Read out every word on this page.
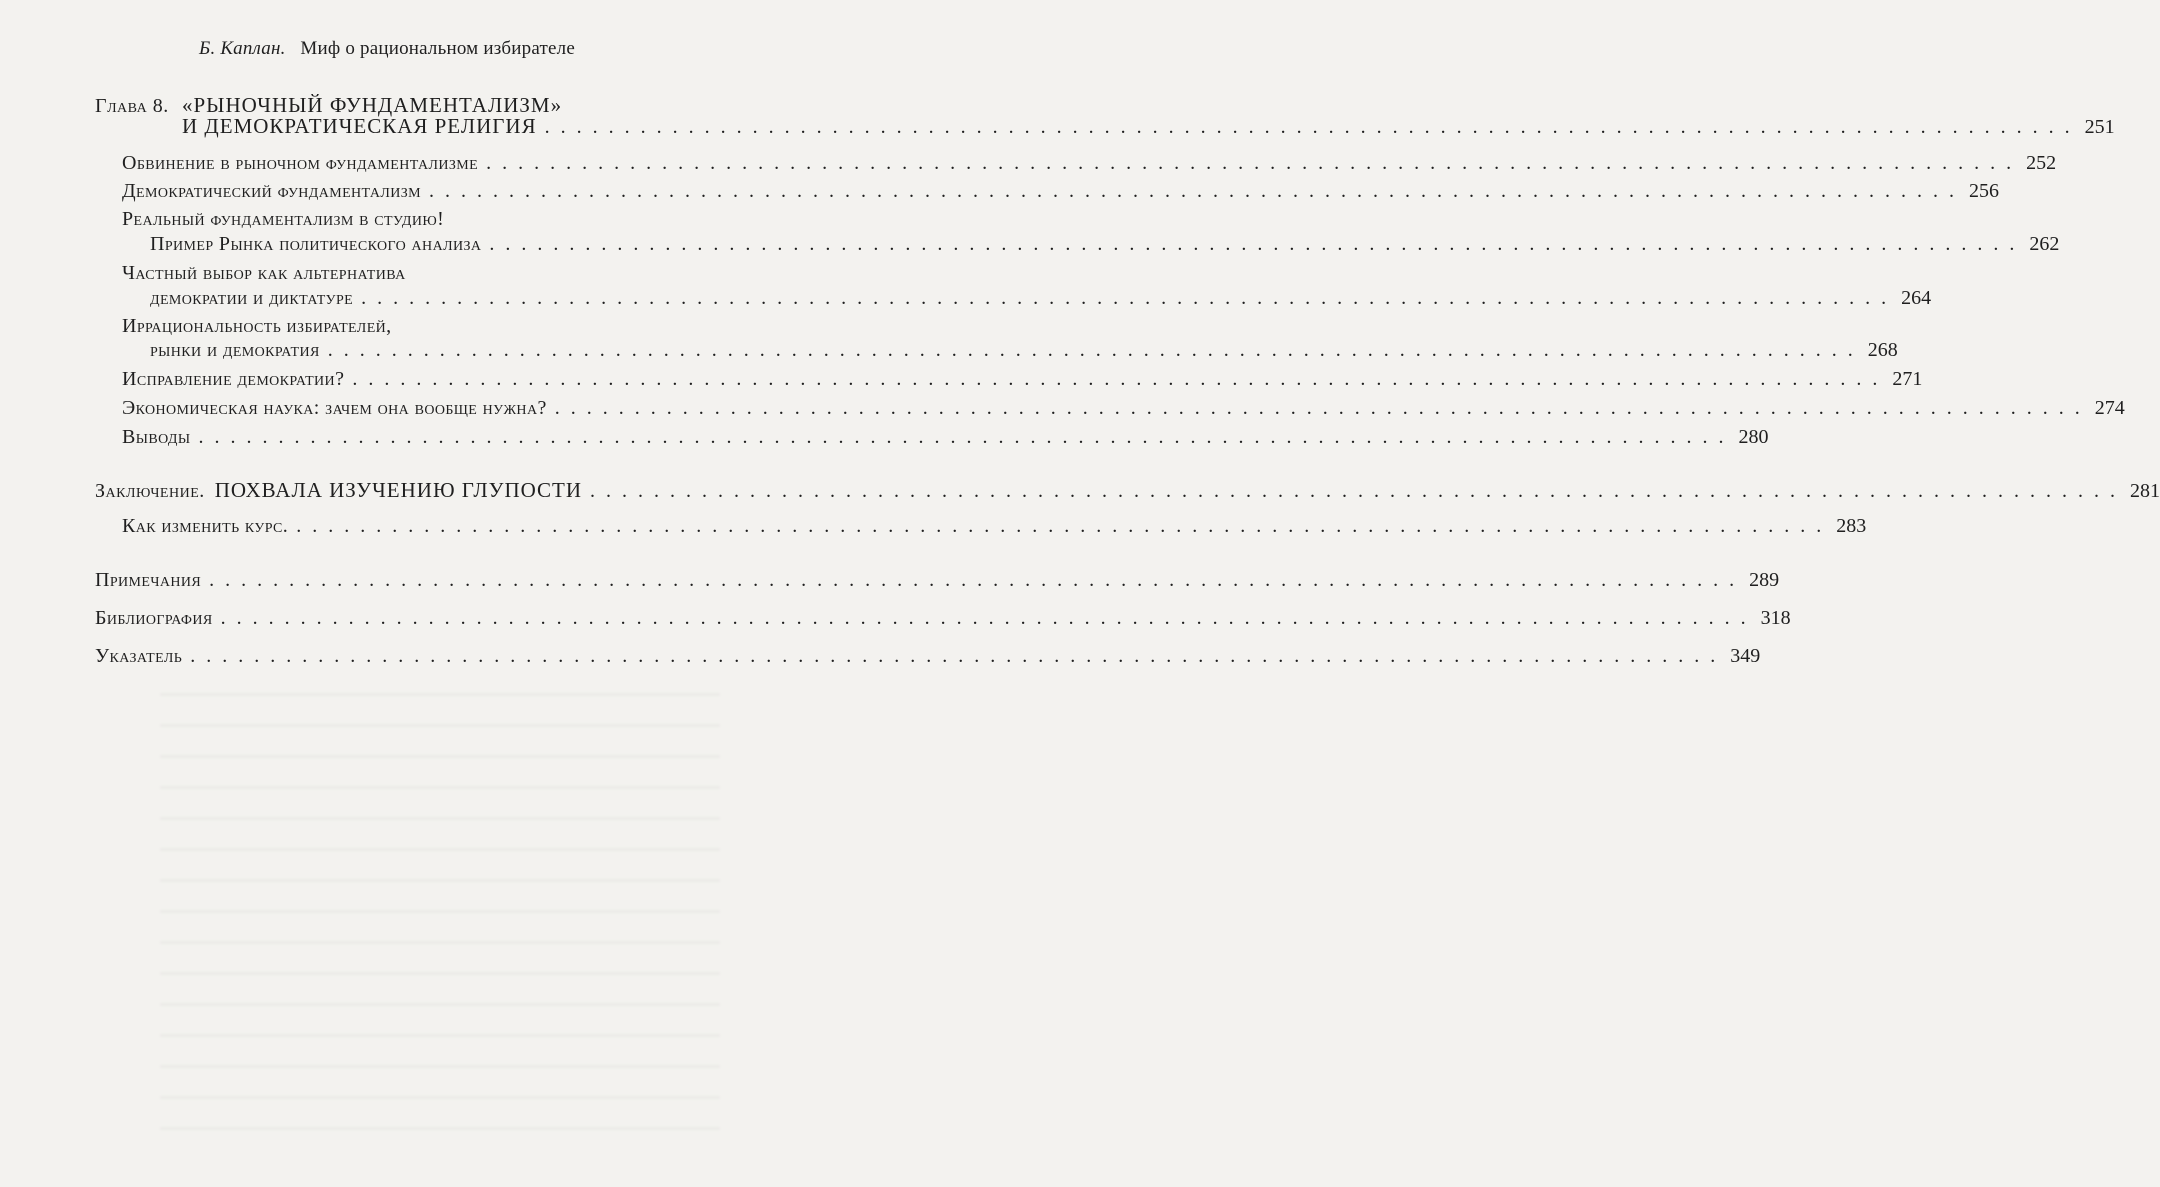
Б. Каплан. Миф о рациональном избирателе
Глава 8. «РЫНОЧНЫЙ ФУНДАМЕНТАЛИЗМ»
И ДЕМОКРАТИЧЕСКАЯ РЕЛИГИЯ ................................................................................................ 251
Обвинение в рыночном фундаментализме ................................................................................................ 252
Демократический фундаментализм ................................................................................................ 256
Реальный фундаментализм в студию!
Пример Рынка политического анализа ................................................................................................ 262
Частный выбор как альтернатива
демократии и диктатуре ................................................................................................ 264
Иррациональность избирателей,
рынки и демократия ................................................................................................ 268
Исправление демократии? ................................................................................................ 271
Экономическая наука: зачем она вообще нужна? ................................................................................................ 274
Выводы ................................................................................................ 280
Заключение. ПОХВАЛА ИЗУЧЕНИЮ ГЛУПОСТИ ................................................................................................ 281
Как изменить курс. ................................................................................................ 283
Примечания ................................................................................................ 289
Библиография ................................................................................................ 318
Указатель ................................................................................................ 349
